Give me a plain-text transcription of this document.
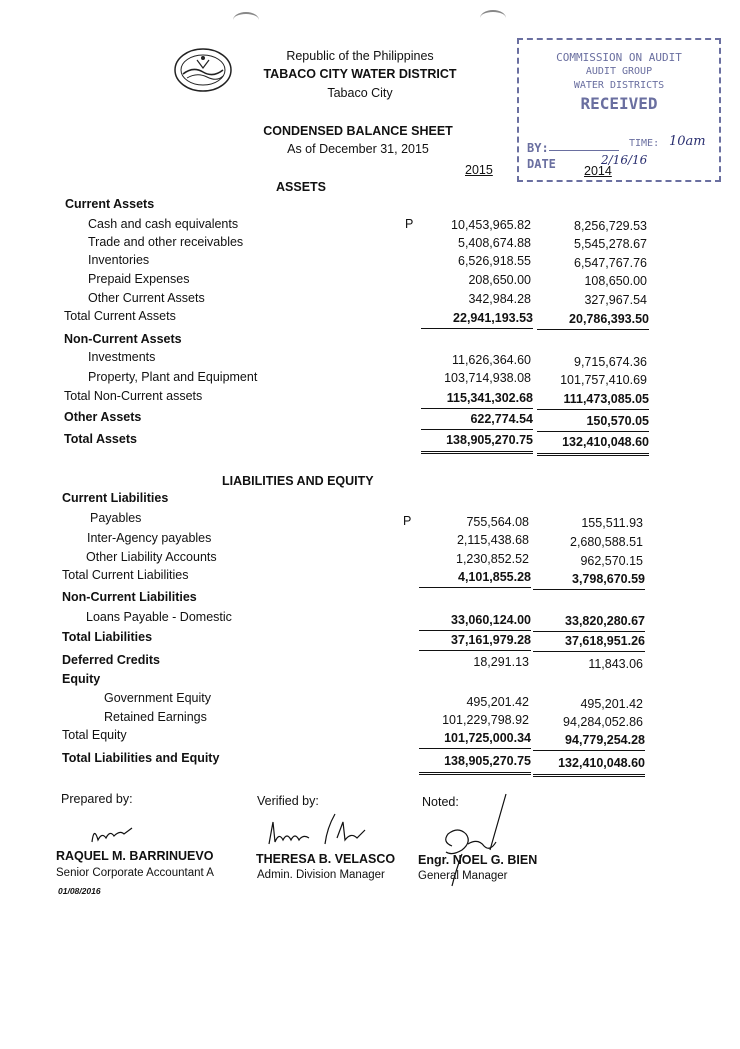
Republic of the Philippines
TABACO CITY WATER DISTRICT
Tabaco City
CONDENSED BALANCE SHEET
As of December 31, 2015
COMMISSION ON AUDIT
AUDIT GROUP
WATER DISTRICTS
RECEIVED
BY:	TIME: 10am
DATE	2/16/16
2015	2014
ASSETS
Current Assets
P
Cash and cash equivalents	10,453,965.82	8,256,729.53
Trade and other receivables	5,408,674.88	5,545,278.67
Inventories	6,526,918.55	6,547,767.76
Prepaid Expenses	208,650.00	108,650.00
Other Current Assets	342,984.28	327,967.54
Total Current Assets	22,941,193.53	20,786,393.50
Non-Current Assets
Investments	11,626,364.60	9,715,674.36
Property, Plant and Equipment	103,714,938.08	101,757,410.69
Total Non-Current assets	115,341,302.68	111,473,085.05
Other Assets	622,774.54	150,570.05
Total Assets	138,905,270.75	132,410,048.60
LIABILITIES AND EQUITY
Current Liabilities
P
Payables	755,564.08	155,511.93
Inter-Agency payables	2,115,438.68	2,680,588.51
Other Liability Accounts	1,230,852.52	962,570.15
Total Current Liabilities	4,101,855.28	3,798,670.59
Non-Current Liabilities
Loans Payable - Domestic	33,060,124.00	33,820,280.67
Total Liabilities	37,161,979.28	37,618,951.26
Deferred Credits	18,291.13	11,843.06
Equity
Government Equity	495,201.42	495,201.42
Retained Earnings	101,229,798.92	94,284,052.86
Total Equity	101,725,000.34	94,779,254.28
Total Liabilities and Equity	138,905,270.75	132,410,048.60
Prepared by:
RAQUEL M. BARRINUEVO
Senior Corporate Accountant A
01/08/2016
Verified by:
THERESA B. VELASCO
Admin. Division Manager
Noted:
Engr. NOEL G. BIEN
General Manager
